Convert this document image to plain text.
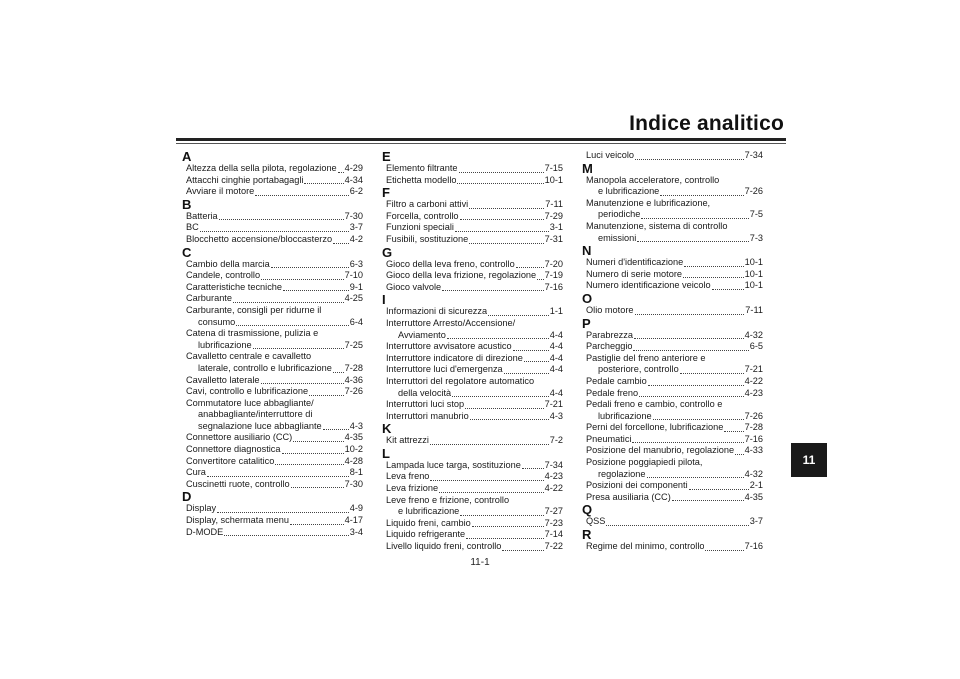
Indice analitico
A
Altezza della sella pilota, regolazione 4-29
Attacchi cinghie portabagagli	4-34
Avviare il motore	6-2
B
Batteria	7-30
BC	3-7
Blocchetto accensione/bloccasterzo 4-2
C
Cambio della marcia	6-3
Candele, controllo	7-10
Caratteristiche tecniche	9-1
Carburante	4-25
Carburante, consigli per ridurne il
consumo	6-4
Catena di trasmissione, pulizia e
lubrificazione	7-25
Cavalletto centrale e cavalletto
laterale, controllo e lubrificazione 7-28
Cavalletto laterale	4-36
Cavi, controllo e lubrificazione	7-26
Commutatore luce abbagliante/
anabbagliante/interruttore di
segnalazione luce abbagliante	4-3
Connettore ausiliario (CC)	4-35
Connettore diagnostica	10-2
Convertitore catalitico	4-28
Cura	8-1
Cuscinetti ruote, controllo	7-30
D
Display	4-9
Display, schermata menu	4-17
D-MODE	3-4
E
Elemento filtrante	7-15
Etichetta modello	10-1
F
Filtro a carboni attivi	7-11
Forcella, controllo	7-29
Funzioni speciali	3-1
Fusibili, sostituzione	7-31
G
Gioco della leva freno, controllo	7-20
Gioco della leva frizione, regolazione 7-19
Gioco valvole	7-16
I
Informazioni di sicurezza	1-1
Interruttore Arresto/Accensione/
Avviamento	4-4
Interruttore avvisatore acustico	4-4
Interruttore indicatore di direzione	4-4
Interruttore luci d'emergenza	4-4
Interruttori del regolatore automatico
della velocità	4-4
Interruttori luci stop	7-21
Interruttori manubrio	4-3
K
Kit attrezzi	7-2
L
Lampada luce targa, sostituzione	7-34
Leva freno	4-23
Leva frizione	4-22
Leve freno e frizione, controllo
e lubrificazione	7-27
Liquido freni, cambio	7-23
Liquido refrigerante	7-14
Livello liquido freni, controllo	7-22
Luci veicolo	7-34
M
Manopola acceleratore, controllo
e lubrificazione	7-26
Manutenzione e lubrificazione,
periodiche	7-5
Manutenzione, sistema di controllo
emissioni	7-3
N
Numeri d'identificazione	10-1
Numero di serie motore	10-1
Numero identificazione veicolo	10-1
O
Olio motore	7-11
P
Parabrezza	4-32
Parcheggio	6-5
Pastiglie del freno anteriore e
posteriore, controllo	7-21
Pedale cambio	4-22
Pedale freno	4-23
Pedali freno e cambio, controllo e
lubrificazione	7-26
Perni del forcellone, lubrificazione 7-28
Pneumatici	7-16
Posizione del manubrio, regolazione 4-33
Posizione poggiapiedi pilota,
regolazione	4-32
Posizioni dei componenti	2-1
Presa ausiliaria (CC)	4-35
Q
QSS	3-7
R
Regime del minimo, controllo	7-16
11
11-1
